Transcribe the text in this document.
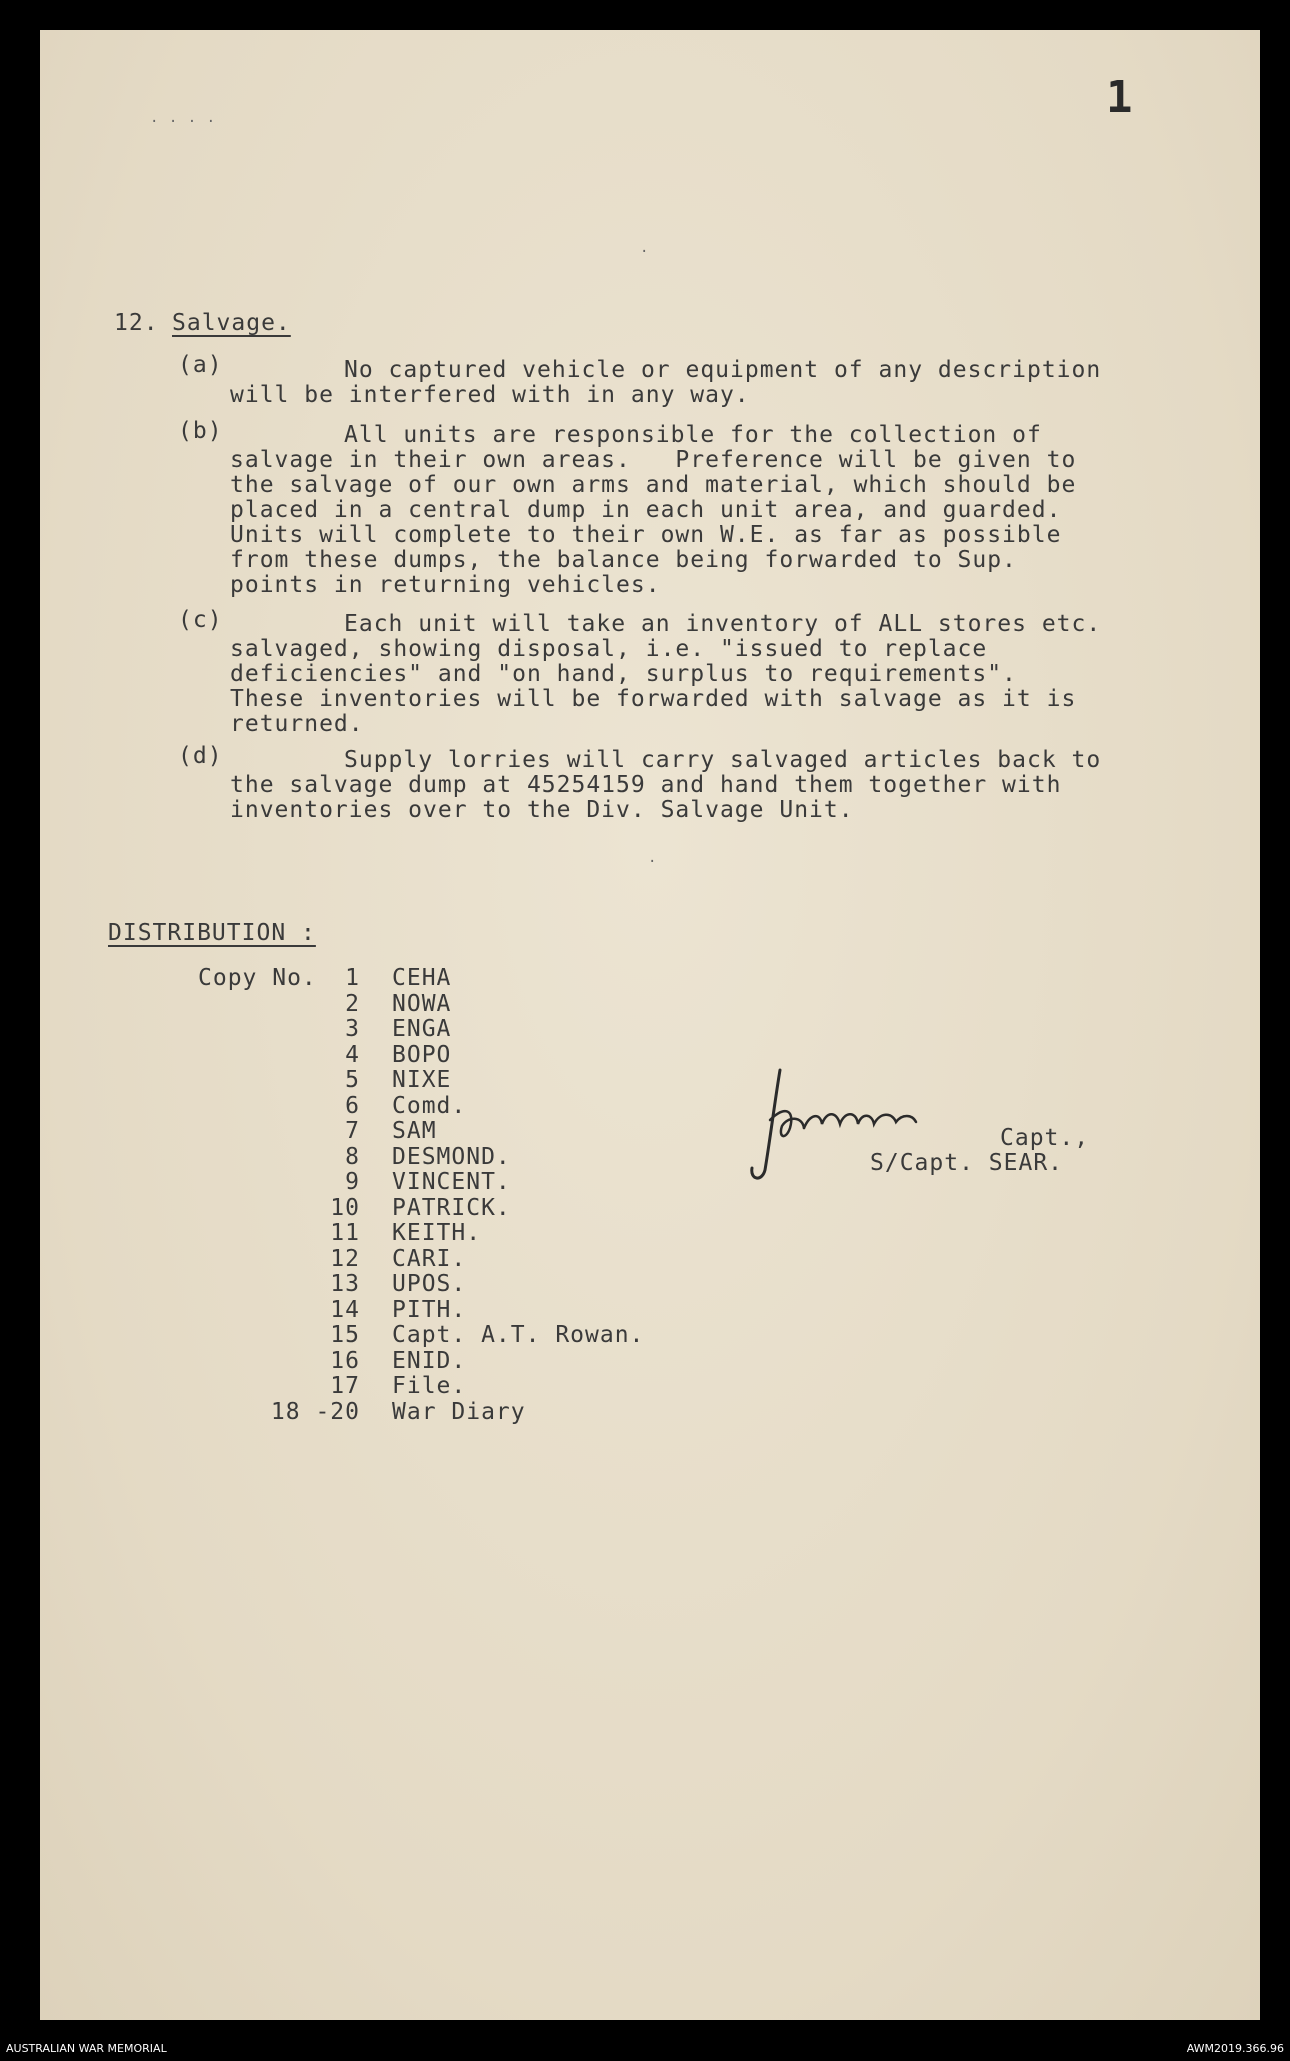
1
12. Salvage.
(a)	No captured vehicle or equipment of any description
will be interfered with in any way.
(b)	All units are responsible for the collection of
salvage in their own areas.   Preference will be given to
the salvage of our own arms and material, which should be
placed in a central dump in each unit area, and guarded.
Units will complete to their own W.E. as far as possible
from these dumps, the balance being forwarded to Sup.
points in returning vehicles.
(c)	Each unit will take an inventory of ALL stores etc.
salvaged, showing disposal, i.e. "issued to replace
deficiencies" and "on hand, surplus to requirements".
These inventories will be forwarded with salvage as it is
returned.
(d)	Supply lorries will carry salvaged articles back to
the salvage dump at 45254159 and hand them together with
inventories over to the Div. Salvage Unit.
DISTRIBUTION :
Copy No.	1 CEHA
2 NOWA
3 ENGA
4 BOPO
5 NIXE
6 Comd.
7 SAM
8 DESMOND.
9 VINCENT.
10 PATRICK.
11 KEITH.
12 CARI.
13 UPOS.
14 PITH.
15 Capt. A.T. Rowan.
16 ENID.
17 File.
18 -20 War Diary
Capt.,
S/Capt. SEAR.
. . . .
.
.
AUSTRALIAN WAR MEMORIAL	AWM2019.366.96
